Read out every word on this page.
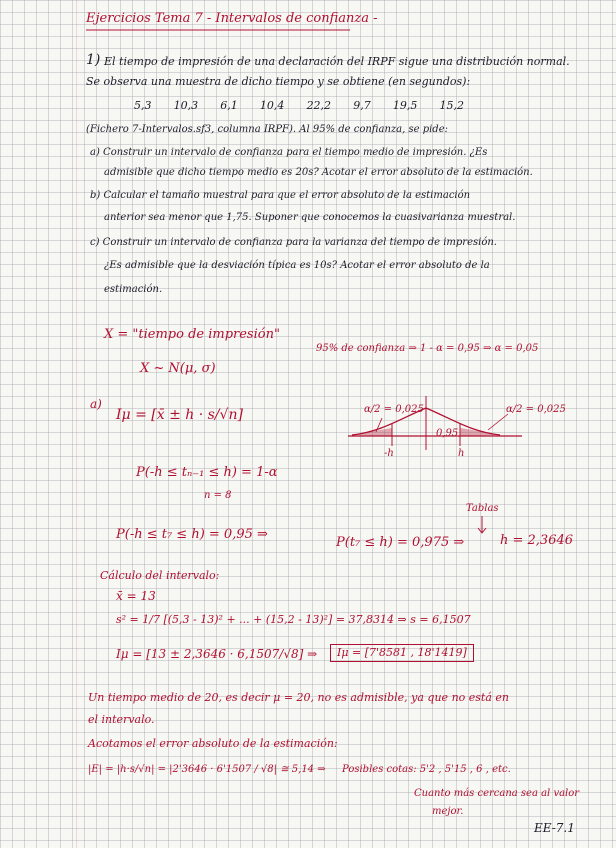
Ejercicios Tema 7 - Intervalos de confianza -
1) El tiempo de impresión de una declaración del IRPF sigue una distribución normal.
Se observa una muestra de dicho tiempo y se obtiene (en segundos):
5,3 10,3 6,1 10,4 22,2 9,7 19,5 15,2
(Fichero 7-Intervalos.sf3, columna IRPF). Al 95% de confianza, se pide:
a) Construir un intervalo de confianza para el tiempo medio de impresión. ¿Es
admisible que dicho tiempo medio es 20s? Acotar el error absoluto de la estimación.
b) Calcular el tamaño muestral para que el error absoluto de la estimación
anterior sea menor que 1,75. Suponer que conocemos la cuasivarianza muestral.
c) Construir un intervalo de confianza para la varianza del tiempo de impresión.
¿Es admisible que la desviación típica es 10s? Acotar el error absoluto de la
estimación.
X = "tiempo de impresión"
X ~ N(μ, σ)
95% de confianza ⇒ 1 - α = 0,95 ⇒ α = 0,05
a)
Iμ = [x̄ ± h · s/√n]	α/2 = 0,025	α/2 = 0,025
0,95
-h	h
P(-h ≤ tₙ₋₁ ≤ h) = 1-α
n = 8
Tablas
P(-h ≤ t₇ ≤ h) = 0,95 ⇒
P(t₇ ≤ h) = 0,975 ⇒	h = 2,3646
Cálculo del intervalo:
x̄ = 13
s² = 1/7 [(5,3 - 13)² + ... + (15,2 - 13)²] = 37,8314 ⇒ s = 6,1507
Iμ = [13 ± 2,3646 · 6,1507/√8] ⇒	Iμ = [7'8581 , 18'1419]
Un tiempo medio de 20, es decir μ = 20, no es admisible, ya que no está en
el intervalo.
Acotamos el error absoluto de la estimación:
|E| = |h·s/√n| = |2'3646 · 6'1507 / √8| ≅ 5,14 ⇒ Posibles cotas: 5'2 , 5'15 , 6 , etc.
Cuanto más cercana sea al valor
mejor.
EE-7.1
